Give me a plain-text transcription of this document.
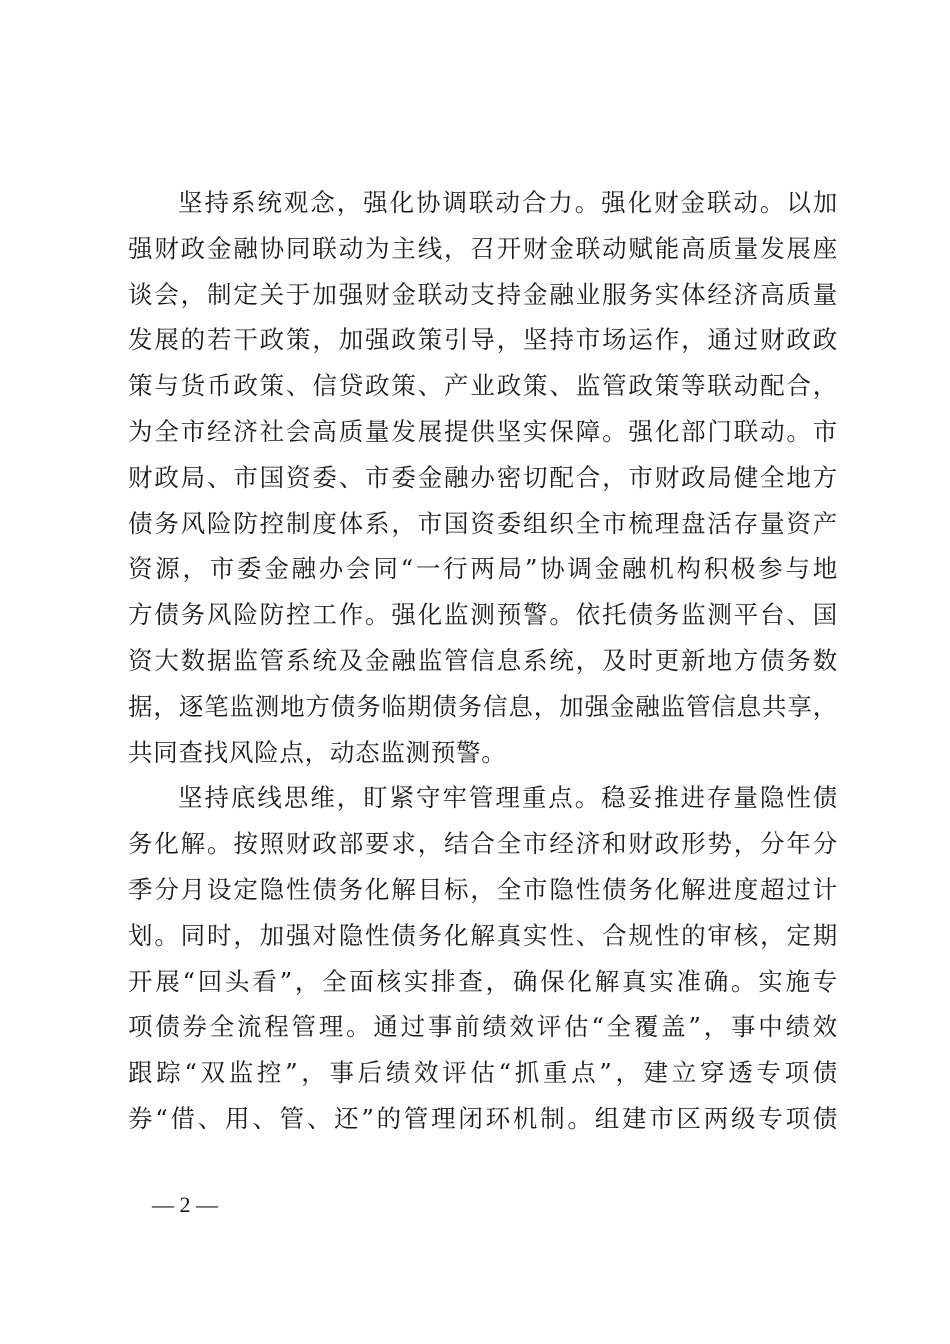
坚持系统观念，强化协调联动合力。强化财金联动。以加
强财政金融协同联动为主线，召开财金联动赋能高质量发展座
谈会，制定关于加强财金联动支持金融业服务实体经济高质量
发展的若干政策，加强政策引导，坚持市场运作，通过财政政
策与货币政策、信贷政策、产业政策、监管政策等联动配合，
为全市经济社会高质量发展提供坚实保障。强化部门联动。市
财政局、市国资委、市委金融办密切配合，市财政局健全地方
债务风险防控制度体系，市国资委组织全市梳理盘活存量资产
资源，市委金融办会同“一行两局”协调金融机构积极参与地
方债务风险防控工作。强化监测预警。依托债务监测平台、国
资大数据监管系统及金融监管信息系统，及时更新地方债务数
据，逐笔监测地方债务临期债务信息，加强金融监管信息共享，
共同查找风险点，动态监测预警。
坚持底线思维，盯紧守牢管理重点。稳妥推进存量隐性债
务化解。按照财政部要求，结合全市经济和财政形势，分年分
季分月设定隐性债务化解目标，全市隐性债务化解进度超过计
划。同时，加强对隐性债务化解真实性、合规性的审核，定期
开展“回头看”，全面核实排查，确保化解真实准确。实施专
项债券全流程管理。通过事前绩效评估“全覆盖”，事中绩效
跟踪“双监控”，事后绩效评估“抓重点”，建立穿透专项债
券“借、用、管、还”的管理闭环机制。组建市区两级专项债
— 2 —
